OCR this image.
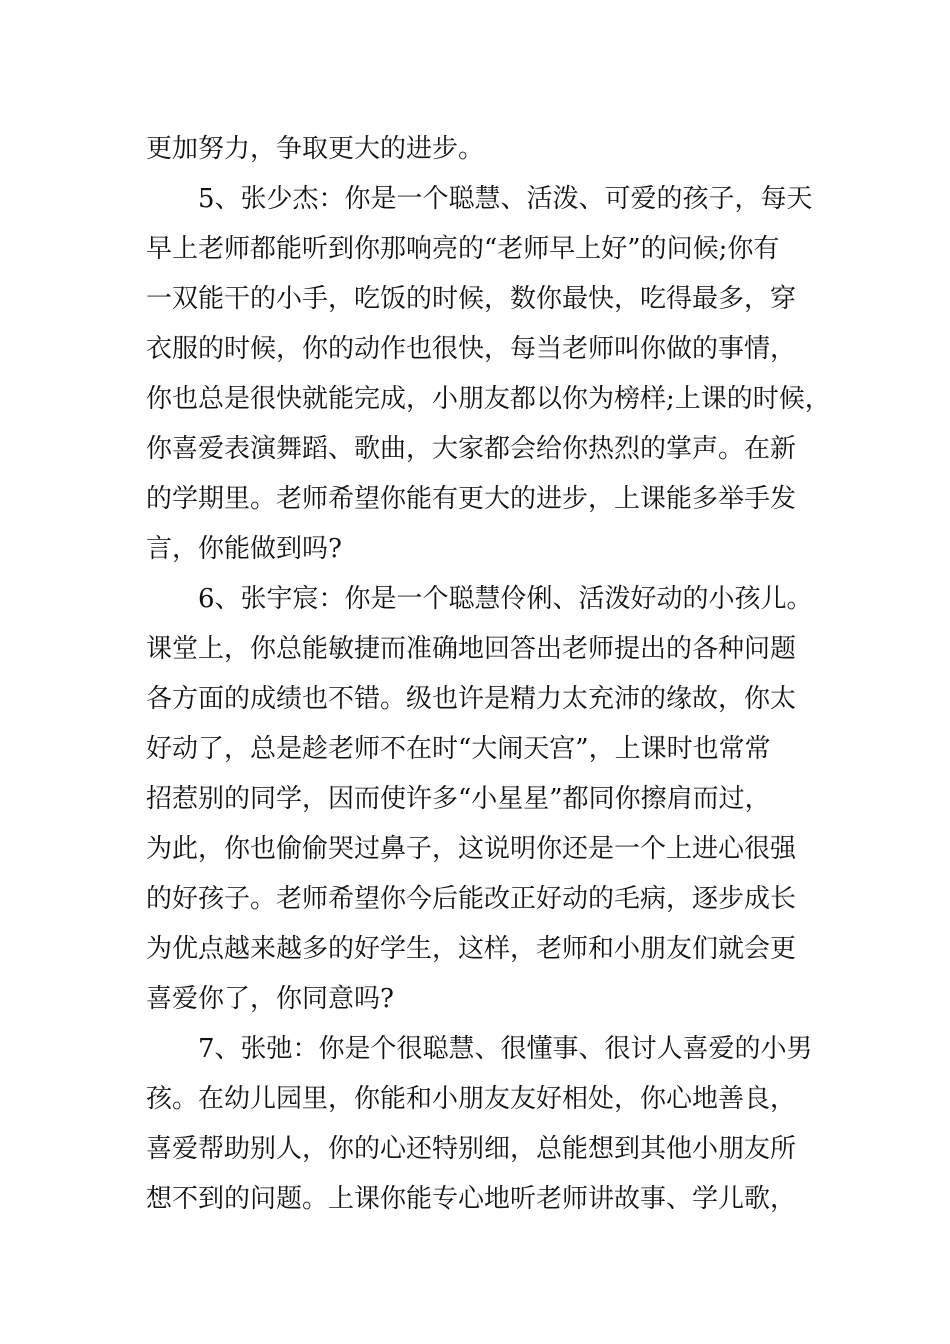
更加努力，争取更大的进步。
5、张少杰：你是一个聪慧、活泼、可爱的孩子，每天
早上老师都能听到你那响亮的“老师早上好”的问候;你有
一双能干的小手，吃饭的时候，数你最快，吃得最多，穿
衣服的时候，你的动作也很快，每当老师叫你做的事情，
你也总是很快就能完成，小朋友都以你为榜样;上课的时候，
你喜爱表演舞蹈、歌曲，大家都会给你热烈的掌声。在新
的学期里。老师希望你能有更大的进步，上课能多举手发
言，你能做到吗?
6、张宇宸：你是一个聪慧伶俐、活泼好动的小孩儿。
课堂上，你总能敏捷而准确地回答出老师提出的各种问题
各方面的成绩也不错。级也许是精力太充沛的缘故，你太
好动了，总是趁老师不在时“大闹天宫”，上课时也常常
招惹别的同学，因而使许多“小星星”都同你擦肩而过，
为此，你也偷偷哭过鼻子，这说明你还是一个上进心很强
的好孩子。老师希望你今后能改正好动的毛病，逐步成长
为优点越来越多的好学生，这样，老师和小朋友们就会更
喜爱你了，你同意吗?
7、张弛：你是个很聪慧、很懂事、很讨人喜爱的小男
孩。在幼儿园里，你能和小朋友友好相处，你心地善良，
喜爱帮助别人，你的心还特别细，总能想到其他小朋友所
想不到的问题。上课你能专心地听老师讲故事、学儿歌，
